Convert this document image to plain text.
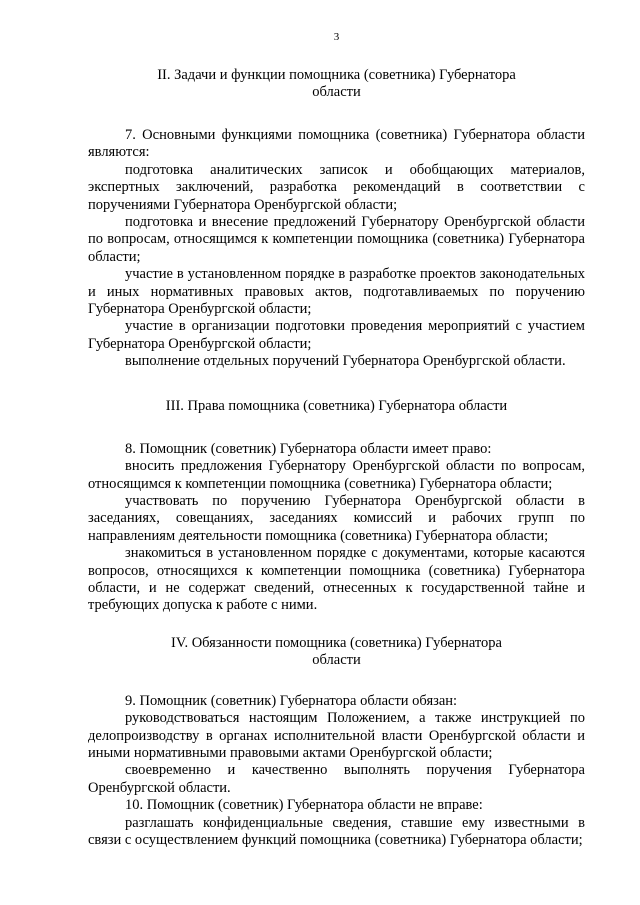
3
II. Задачи и функции помощника (советника) Губернатора
области

7. Основными функциями помощника (советника) Губернатора области являются:

подготовка аналитических записок и обобщающих материалов, экспертных заключений, разработка рекомендаций в соответствии с поручениями Губернатора Оренбургской области;

подготовка и внесение предложений Губернатору Оренбургской области по вопросам, относящимся к компетенции помощника (советника) Губернатора области;

участие в установленном порядке в разработке проектов законодательных и иных нормативных правовых актов, подготавливаемых по поручению Губернатора Оренбургской области;

участие в организации подготовки проведения мероприятий с участием Губернатора Оренбургской области;

выполнение отдельных поручений Губернатора Оренбургской области.

III. Права помощника (советника) Губернатора области

8. Помощник (советник) Губернатора области имеет право:

вносить предложения Губернатору Оренбургской области по вопросам, относящимся к компетенции помощника (советника) Губернатора области;

участвовать по поручению Губернатора Оренбургской области в заседаниях, совещаниях, заседаниях комиссий и рабочих групп по направлениям деятельности помощника (советника) Губернатора области;

знакомиться в установленном порядке с документами, которые касаются вопросов, относящихся к компетенции помощника (советника) Губернатора области, и не содержат сведений, отнесенных к государственной тайне и требующих допуска к работе с ними.

IV. Обязанности помощника (советника) Губернатора
области

9. Помощник (советник) Губернатора области обязан:

руководствоваться настоящим Положением, а также инструкцией по делопроизводству в органах исполнительной власти Оренбургской области и иными нормативными правовыми актами Оренбургской области;

своевременно и качественно выполнять поручения Губернатора Оренбургской области.

10. Помощник (советник) Губернатора области не вправе:

разглашать конфиденциальные сведения, ставшие ему известными в связи с осуществлением функций помощника (советника) Губернатора области;
